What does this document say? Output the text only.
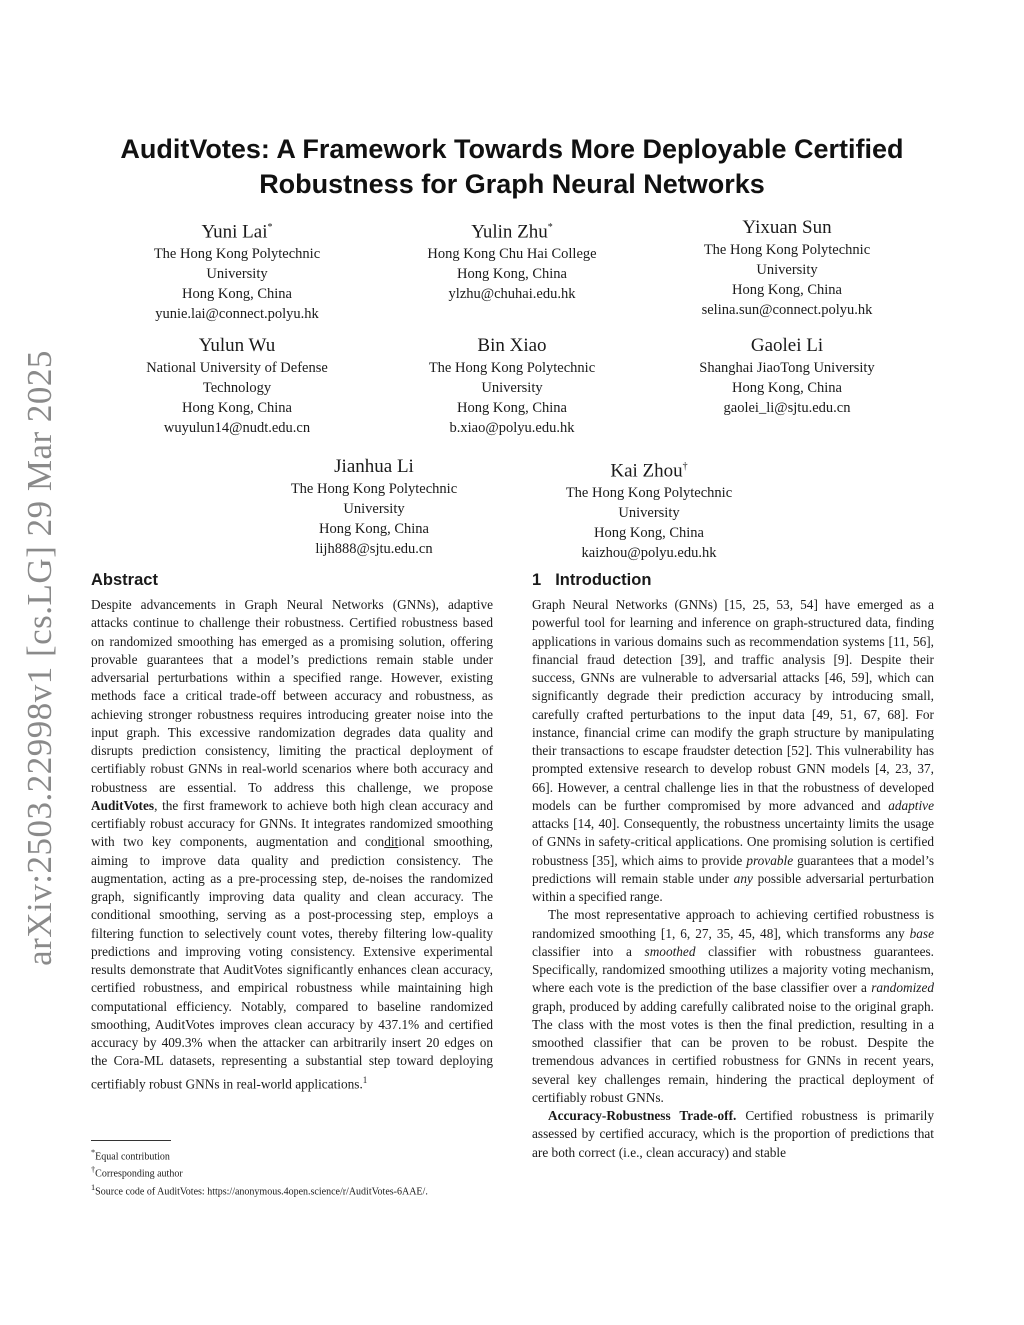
arXiv:2503.22998v1 [cs.LG] 29 Mar 2025
AuditVotes: A Framework Towards More Deployable Certified
Robustness for Graph Neural Networks
Yuni Lai*
The Hong Kong Polytechnic
University
Hong Kong, China
yunie.lai@connect.polyu.hk
Yulin Zhu*
Hong Kong Chu Hai College
Hong Kong, China
ylzhu@chuhai.edu.hk
Yixuan Sun
The Hong Kong Polytechnic
University
Hong Kong, China
selina.sun@connect.polyu.hk
Yulun Wu
National University of Defense
Technology
Hong Kong, China
wuyulun14@nudt.edu.cn
Bin Xiao
The Hong Kong Polytechnic
University
Hong Kong, China
b.xiao@polyu.edu.hk
Gaolei Li
Shanghai JiaoTong University
Hong Kong, China
gaolei_li@sjtu.edu.cn
Jianhua Li
The Hong Kong Polytechnic
University
Hong Kong, China
lijh888@sjtu.edu.cn
Kai Zhou†
The Hong Kong Polytechnic
University
Hong Kong, China
kaizhou@polyu.edu.hk
Abstract

Despite advancements in Graph Neural Networks (GNNs), adaptive attacks continue to challenge their robustness. Certified robustness based on randomized smoothing has emerged as a promising solution, offering provable guarantees that a model’s predictions remain stable under adversarial perturbations within a specified range. However, existing methods face a critical trade-off between accuracy and robustness, as achieving stronger robustness requires introducing greater noise into the input graph. This excessive randomization degrades data quality and disrupts prediction consistency, limiting the practical deployment of certifiably robust GNNs in real-world scenarios where both accuracy and robustness are essential. To address this challenge, we propose AuditVotes, the first framework to achieve both high clean accuracy and certifiably robust accuracy for GNNs. It integrates randomized smoothing with two key components, augmentation and conditional smoothing, aiming to improve data quality and prediction consistency. The augmentation, acting as a pre-processing step, de-noises the randomized graph, significantly improving data quality and clean accuracy. The conditional smoothing, serving as a post-processing step, employs a filtering function to selectively count votes, thereby filtering low-quality predictions and improving voting consistency. Extensive experimental results demonstrate that AuditVotes significantly enhances clean accuracy, certified robustness, and empirical robustness while maintaining high computational efficiency. Notably, compared to baseline randomized smoothing, AuditVotes improves clean accuracy by 437.1% and certified accuracy by 409.3% when the attacker can arbitrarily insert 20 edges on the Cora-ML datasets, representing a substantial step toward deploying certifiably robust GNNs in real-world applications.$^1$

*Equal contribution
†Corresponding author
$^1$Source code of AuditVotes: https://anonymous.4open.science/r/AuditVotes-6AAE/.
1 Introduction

Graph Neural Networks (GNNs) [15, 25, 53, 54] have emerged as a powerful tool for learning and inference on graph-structured data, finding applications in various domains such as recommendation systems [11, 56], financial fraud detection [39], and traffic analysis [9]. Despite their success, GNNs are vulnerable to adversarial attacks [46, 59], which can significantly degrade their prediction accuracy by introducing small, carefully crafted perturbations to the input data [49, 51, 67, 68]. For instance, financial crime can modify the graph structure by manipulating their transactions to escape fraudster detection [52]. This vulnerability has prompted extensive research to develop robust GNN models [4, 23, 37, 66]. However, a central challenge lies in that the robustness of developed models can be further compromised by more advanced and adaptive attacks [14, 40]. Consequently, the robustness uncertainty limits the usage of GNNs in safety-critical applications. One promising solution is certified robustness [35], which aims to provide provable guarantees that a model’s predictions will remain stable under any possible adversarial perturbation within a specified range.

The most representative approach to achieving certified robustness is randomized smoothing [1, 6, 27, 35, 45, 48], which transforms any base classifier into a smoothed classifier with robustness guarantees. Specifically, randomized smoothing utilizes a majority voting mechanism, where each vote is the prediction of the base classifier over a randomized graph, produced by adding carefully calibrated noise to the original graph. The class with the most votes is then the final prediction, resulting in a smoothed classifier that can be proven to be robust. Despite the tremendous advances in certified robustness for GNNs in recent years, several key challenges remain, hindering the practical deployment of certifiably robust GNNs.

Accuracy-Robustness Trade-off. Certified robustness is primarily assessed by certified accuracy, which is the proportion of predictions that are both correct (i.e., clean accuracy) and stable
